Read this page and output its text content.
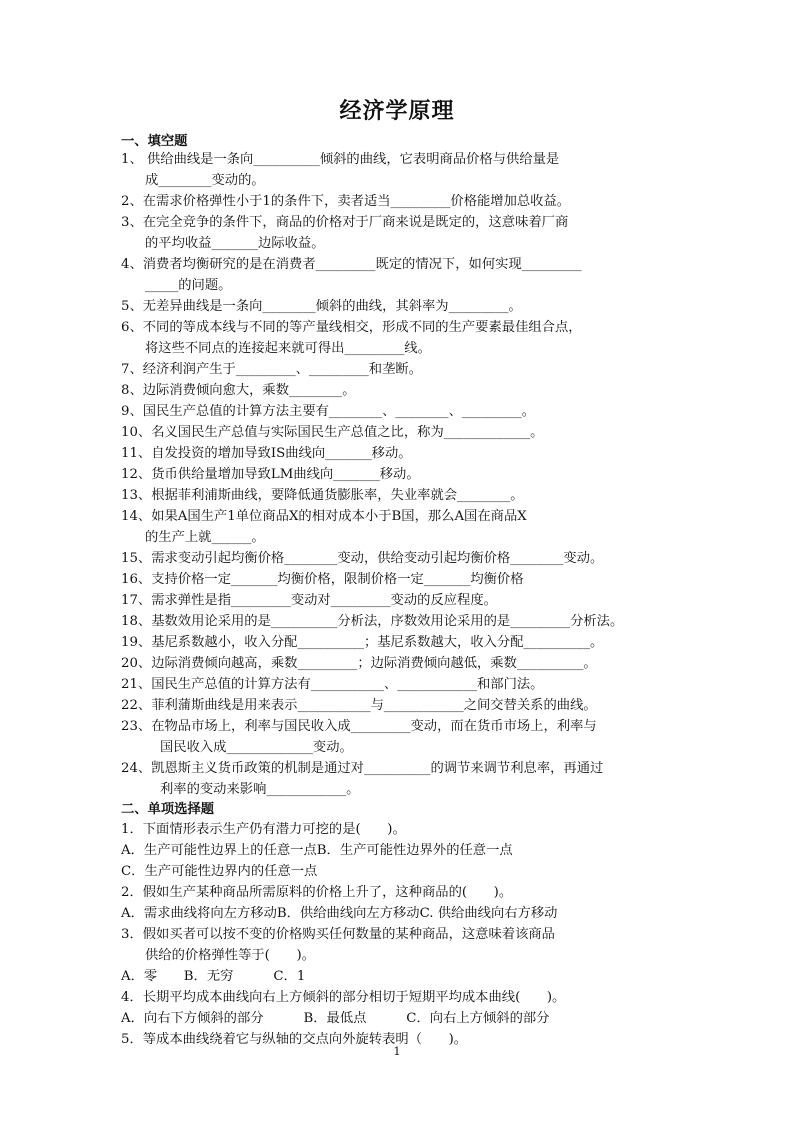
经济学原理
一、填空题
1、 供给曲线是一条向__________倾斜的曲线，它表明商品价格与供给量是
成________变动的。
2、在需求价格弹性小于1的条件下，卖者适当_________价格能增加总收益。
3、在完全竞争的条件下，商品的价格对于厂商来说是既定的，这意味着厂商
的平均收益_______边际收益。
4、消费者均衡研究的是在消费者_________既定的情况下，如何实现_________
_____的问题。
5、无差异曲线是一条向________倾斜的曲线，其斜率为_________。
6、不同的等成本线与不同的等产量线相交，形成不同的生产要素最佳组合点，
将这些不同点的连接起来就可得出_________线。
7、经济利润产生于_________、_________和垄断。
8、边际消费倾向愈大，乘数________。
9、国民生产总值的计算方法主要有________、________、_________。
10、名义国民生产总值与实际国民生产总值之比，称为_____________。
11、自发投资的增加导致IS曲线向_______移动。
12、货币供给量增加导致LM曲线向_______移动。
13、根据菲利浦斯曲线，要降低通货膨胀率，失业率就会________。
14、如果A国生产1单位商品X的相对成本小于B国，那么A国在商品X
的生产上就______。
15、需求变动引起均衡价格________变动，供给变动引起均衡价格________变动。
16、支持价格一定_______均衡价格，限制价格一定_______均衡价格
17、需求弹性是指_________变动对_________变动的反应程度。
18、基数效用论采用的是__________分析法，序数效用论采用的是_________分析法。
19、基尼系数越小，收入分配__________；基尼系数越大，收入分配__________。
20、边际消费倾向越高，乘数_________；边际消费倾向越低，乘数__________。
21、国民生产总值的计算方法有___________、____________和部门法。
22、菲利蒲斯曲线是用来表示___________与____________之间交替关系的曲线。
23、在物品市场上，利率与国民收入成_________变动，而在货币市场上，利率与
国民收入成_____________变动。
24、凯恩斯主义货币政策的机制是通过对__________的调节来调节利息率，再通过
利率的变动来影响____________。
二、单项选择题
1．下面情形表示生产仍有潜力可挖的是(　　)。
A．生产可能性边界上的任意一点B．生产可能性边界外的任意一点
C．生产可能性边界内的任意一点
2．假如生产某种商品所需原料的价格上升了，这种商品的(　　)。
A．需求曲线将向左方移动B．供给曲线向左方移动C. 供给曲线向右方移动
3．假如买者可以按不变的价格购买任何数量的某种商品，这意味着该商品
供给的价格弹性等于(　　)。
A．零　　B．无穷　　　C．1
4．长期平均成本曲线向右上方倾斜的部分相切于短期平均成本曲线(　　)。
A．向右下方倾斜的部分　　　B．最低点　　　C．向右上方倾斜的部分
5．等成本曲线绕着它与纵轴的交点向外旋转表明（　　)。
1
